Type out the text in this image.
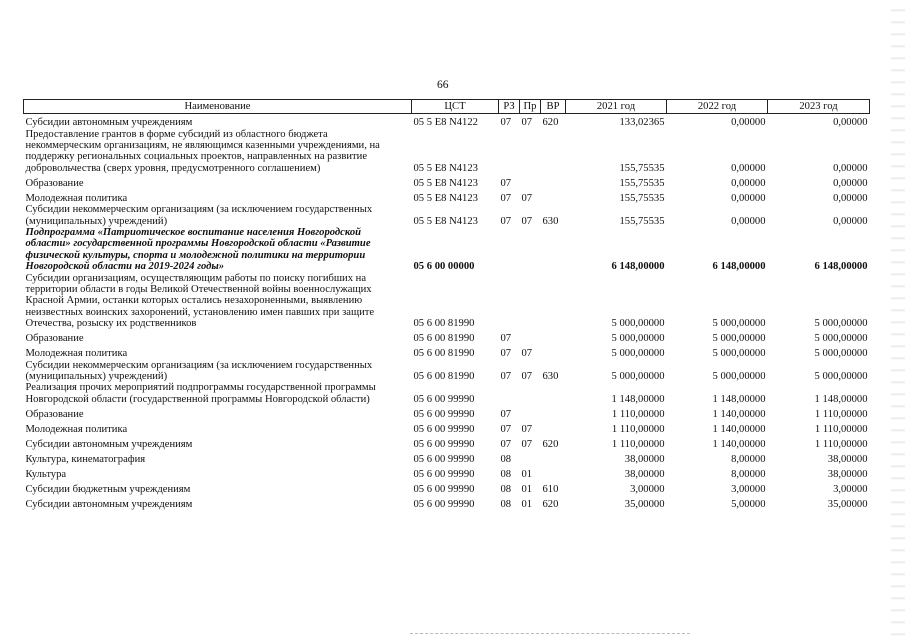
66
Наименование	ЦСТ	РЗ	Пр	ВР	2021 год	2022 год	2023 год
Субсидии автономным учреждениям	05 5 Е8 N4122	07	07	620	133,02365	0,00000	0,00000
Предоставление грантов в форме субсидий из областного бюджета некоммерческим организациям, не являющимся казенными учреждениями, на поддержку региональных социальных проектов, направленных на развитие добровольчества (сверх уровня, предусмотренного соглашением)	05 5 Е8 N4123				155,75535	0,00000	0,00000
Образование	05 5 Е8 N4123	07			155,75535	0,00000	0,00000
Молодежная политика	05 5 Е8 N4123	07	07		155,75535	0,00000	0,00000
Субсидии некоммерческим организациям (за исключением государственных (муниципальных) учреждений)	05 5 Е8 N4123	07	07	630	155,75535	0,00000	0,00000
Подпрограмма «Патриотическое воспитание населения Новгородской области» государственной программы Новгородской области «Развитие физической культуры, спорта и молодежной политики на территории Новгородской области на 2019-2024 годы»	05 6 00 00000				6 148,00000	6 148,00000	6 148,00000
Субсидии организациям, осуществляющим работы по поиску погибших на территории области в годы Великой Отечественной войны военнослужащих Красной Армии, останки которых остались незахороненными, выявлению неизвестных воинских захоронений, установлению имен павших при защите Отечества, розыску их родственников	05 6 00 81990				5 000,00000	5 000,00000	5 000,00000
Образование	05 6 00 81990	07			5 000,00000	5 000,00000	5 000,00000
Молодежная политика	05 6 00 81990	07	07		5 000,00000	5 000,00000	5 000,00000
Субсидии некоммерческим организациям (за исключением государственных (муниципальных) учреждений)	05 6 00 81990	07	07	630	5 000,00000	5 000,00000	5 000,00000
Реализация прочих мероприятий подпрограммы государственной программы Новгородской области (государственной программы Новгородской области)	05 6 00 99990				1 148,00000	1 148,00000	1 148,00000
Образование	05 6 00 99990	07			1 110,00000	1 140,00000	1 110,00000
Молодежная политика	05 6 00 99990	07	07		1 110,00000	1 140,00000	1 110,00000
Субсидии автономным учреждениям	05 6 00 99990	07	07	620	1 110,00000	1 140,00000	1 110,00000
Культура, кинематография	05 6 00 99990	08			38,00000	8,00000	38,00000
Культура	05 6 00 99990	08	01		38,00000	8,00000	38,00000
Субсидии бюджетным учреждениям	05 6 00 99990	08	01	610	3,00000	3,00000	3,00000
Субсидии автономным учреждениям	05 6 00 99990	08	01	620	35,00000	5,00000	35,00000
